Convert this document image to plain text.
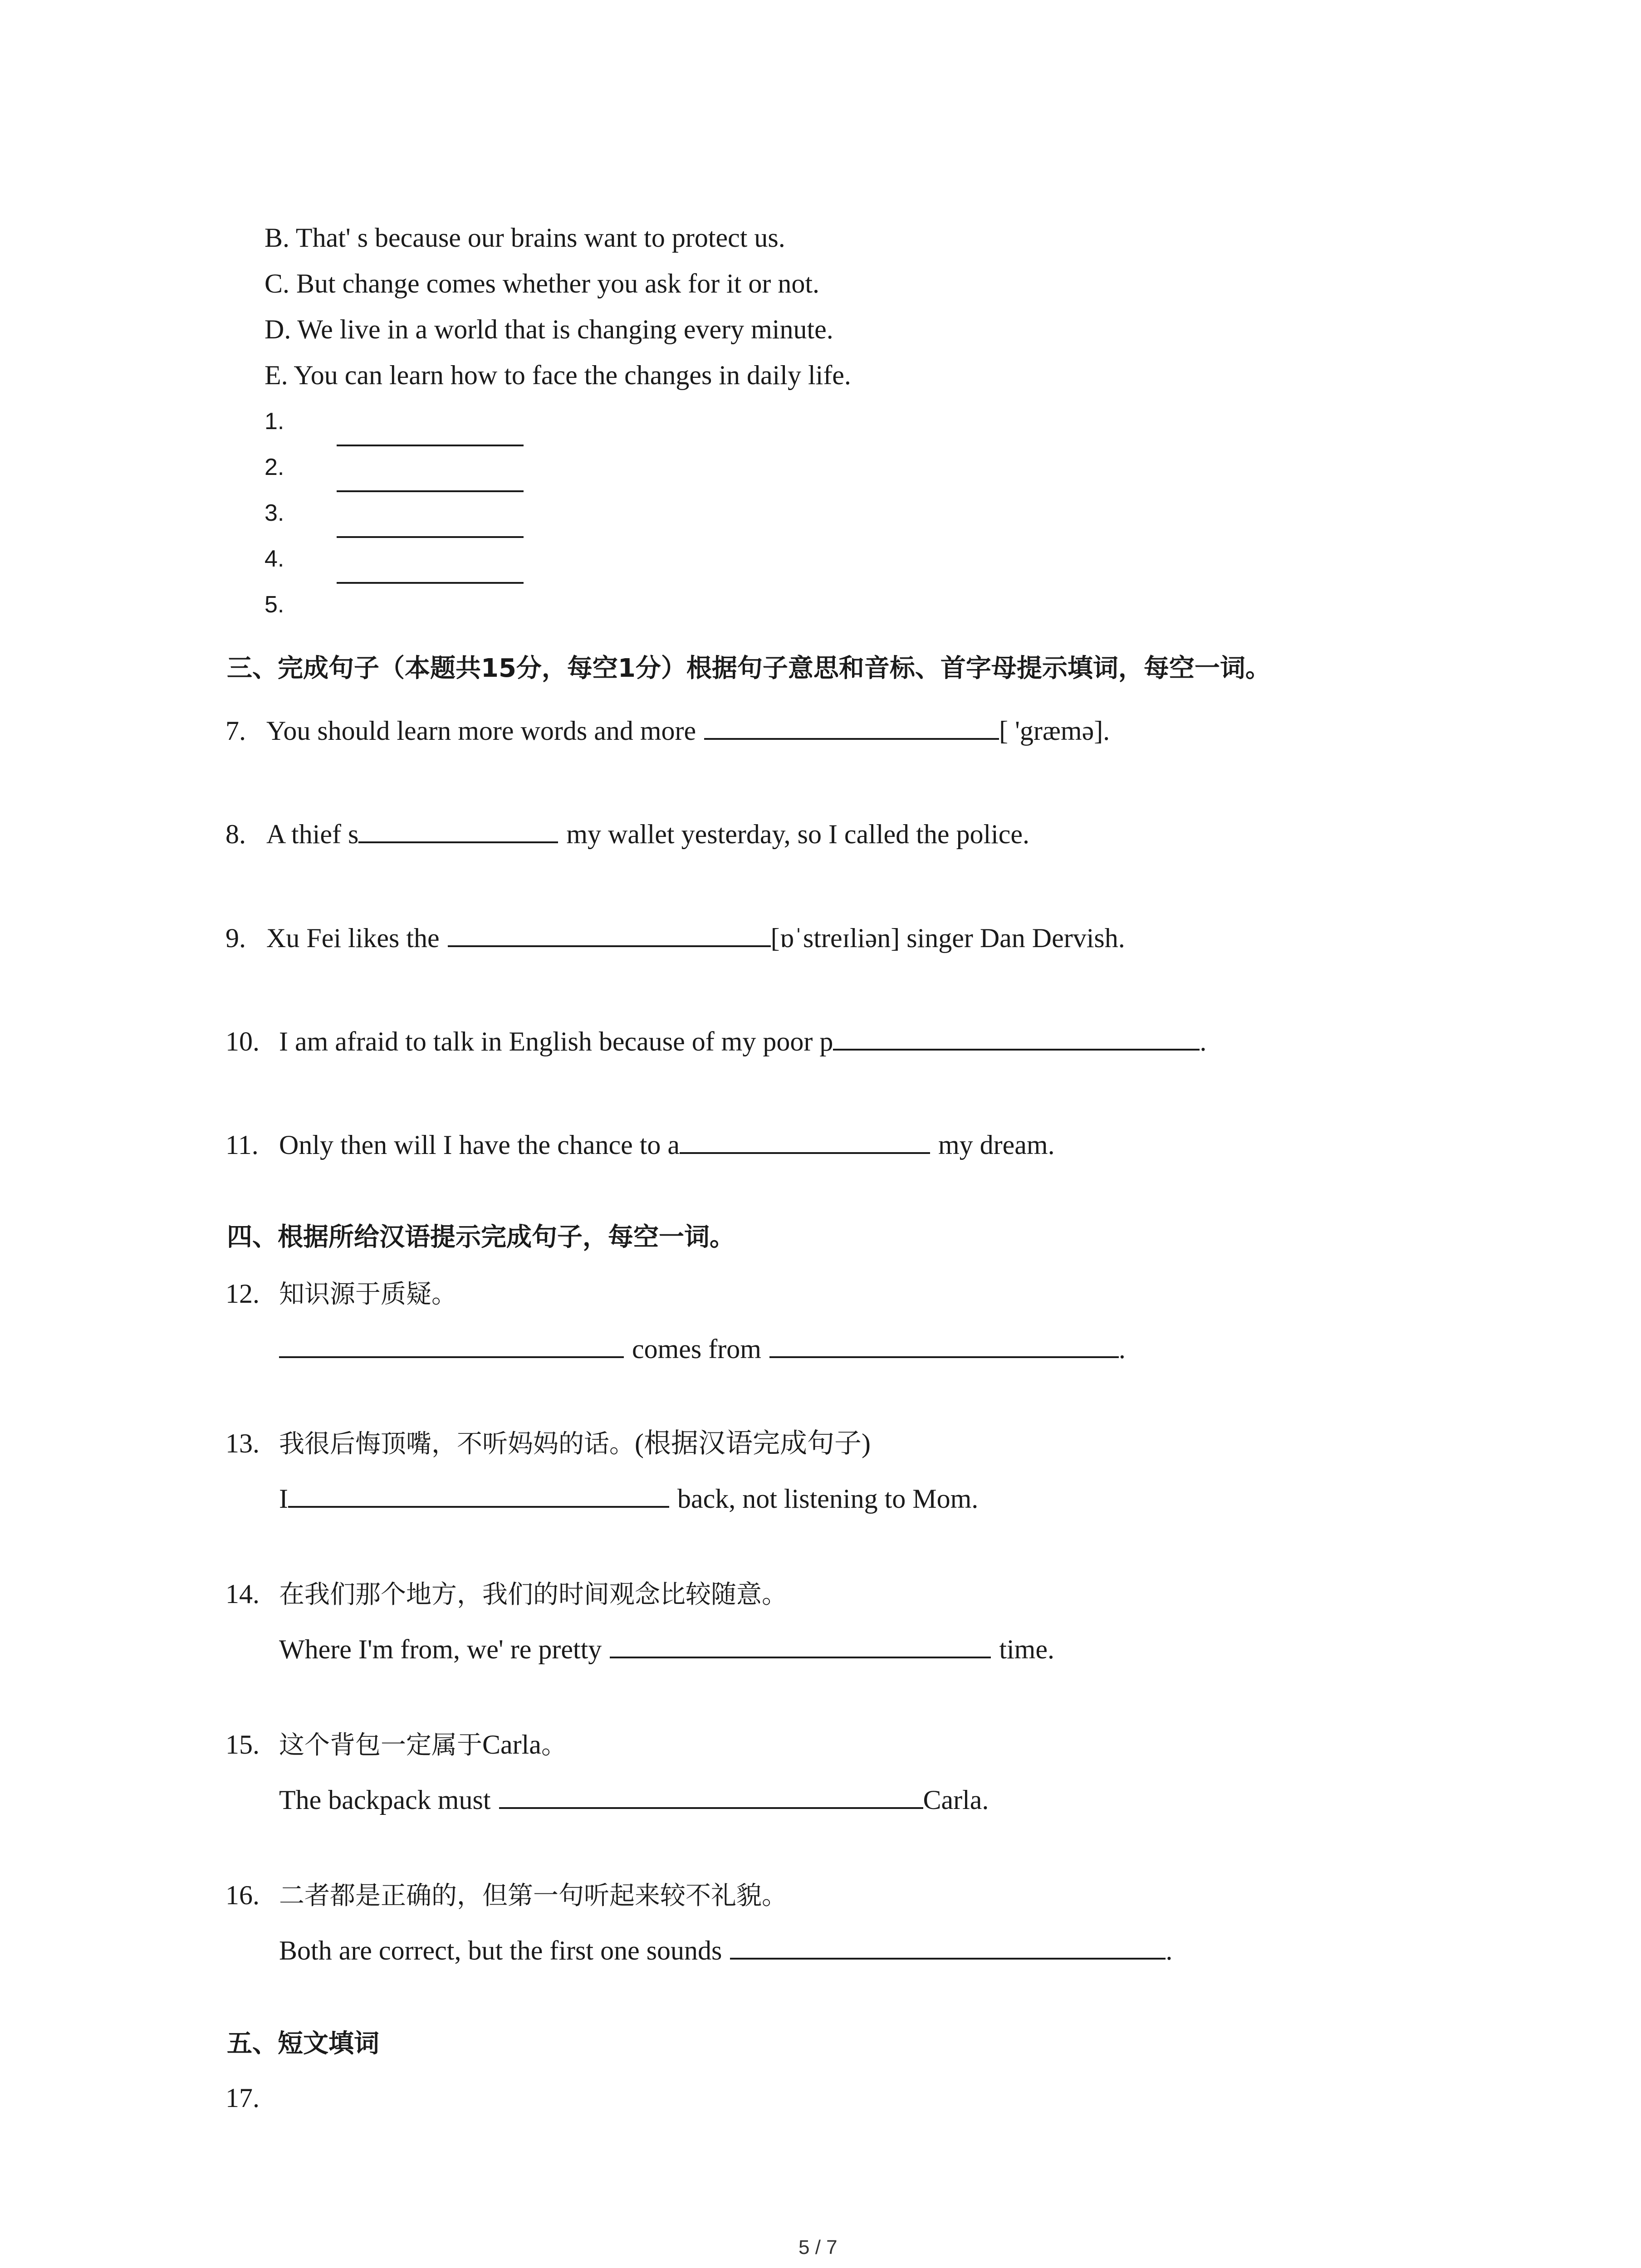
B. That' s because our brains want to protect us.
C. But change comes whether you ask for it or not.
D. We live in a world that is changing every minute.
E. You can learn how to face the changes in daily life.
1.
2.
3.
4.
5.
三、完成句子（本题共15分，每空1分）根据句子意思和音标、首字母提示填词，每空一词。
7. You should learn more words and more	[ 'græmə].
8. A thief s	my wallet yesterday, so I called the police.
9. Xu Fei likes the	[ɒˈstreɪliən] singer Dan Dervish.
10. I am afraid to talk in English because of my poor p	.
11. Only then will I have the chance to a	my dream.
四、根据所给汉语提示完成句子，每空一词。
12. 知识源于质疑。
comes from	.
13. 我很后悔顶嘴，不听妈妈的话。 (根据汉语完成句子)
I	back, not listening to Mom.
14. 在我们那个地方，我们的时间观念比较随意。
Where I'm from, we' re pretty	time.
15. 这个背包一定属于 Carla 。
The backpack must	Carla.
16. 二者都是正确的，但第一句听起来较不礼貌。
Both are correct, but the first one sounds	.
五、短文填词
17.
5 / 7
